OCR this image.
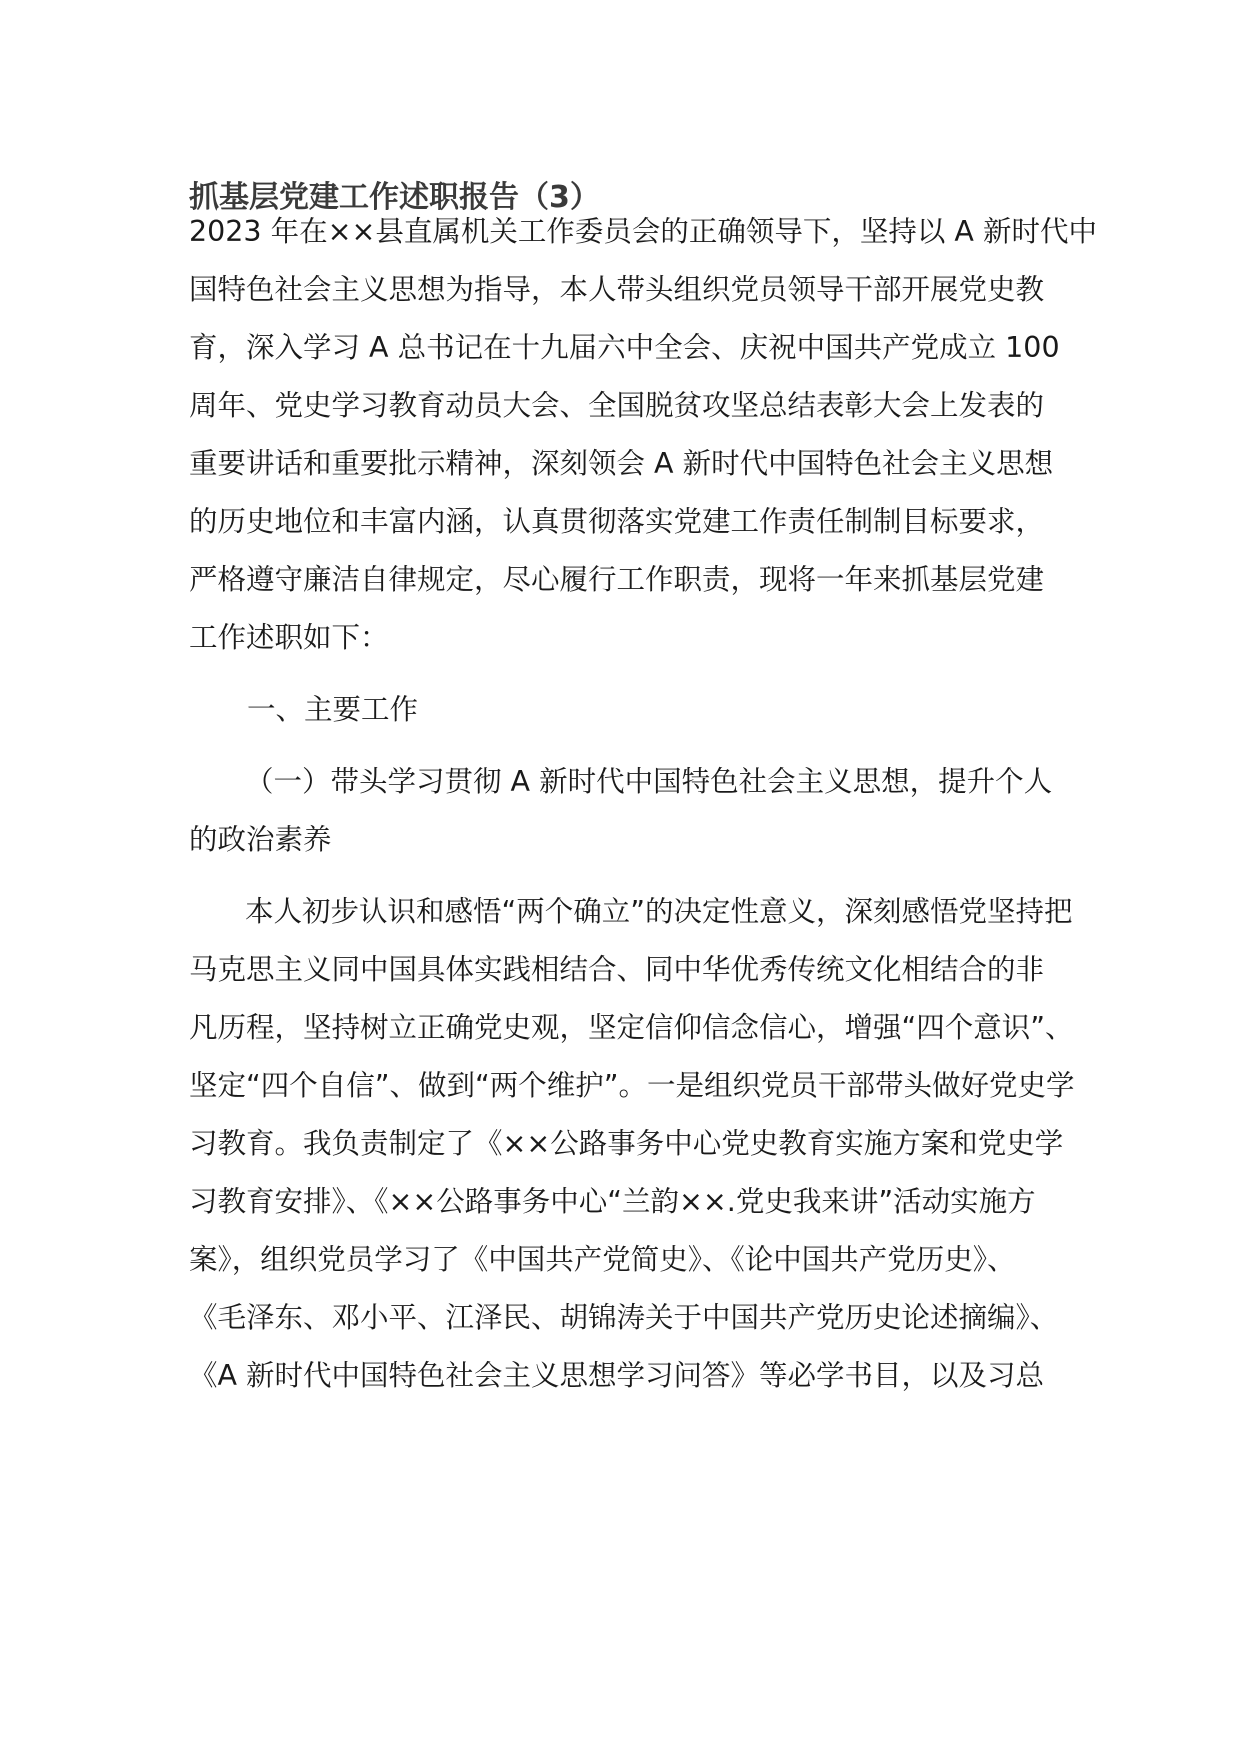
抓基层党建工作述职报告（3）
2023 年在××县直属机关工作委员会的正确领导下，坚持以 A 新时代中
国特色社会主义思想为指导，本人带头组织党员领导干部开展党史教
育，深入学习 A 总书记在十九届六中全会、庆祝中国共产党成立 100
周年、党史学习教育动员大会、全国脱贫攻坚总结表彰大会上发表的
重要讲话和重要批示精神，深刻领会 A 新时代中国特色社会主义思想
的历史地位和丰富内涵，认真贯彻落实党建工作责任制制目标要求，
严格遵守廉洁自律规定，尽心履行工作职责，现将一年来抓基层党建
工作述职如下：
一、主要工作
（一）带头学习贯彻 A 新时代中国特色社会主义思想，提升个人
的政治素养
本人初步认识和感悟“两个确立”的决定性意义，深刻感悟党坚持把
马克思主义同中国具体实践相结合、同中华优秀传统文化相结合的非
凡历程，坚持树立正确党史观，坚定信仰信念信心，增强“四个意识”、
坚定“四个自信”、做到“两个维护”。一是组织党员干部带头做好党史学
习教育。我负责制定了《××公路事务中心党史教育实施方案和党史学
习教育安排》、《××公路事务中心“兰韵××.党史我来讲”活动实施方
案》，组织党员学习了《中国共产党简史》、《论中国共产党历史》、
《毛泽东、邓小平、江泽民、胡锦涛关于中国共产党历史论述摘编》、
《A 新时代中国特色社会主义思想学习问答》等必学书目，以及习总
